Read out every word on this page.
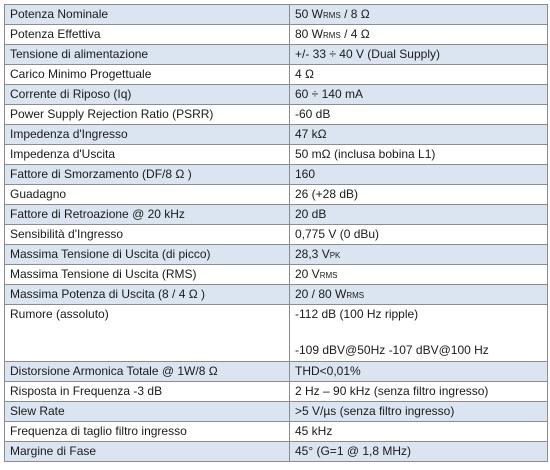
Potenza Nominale	50 WRMS / 8 Ω
Potenza Effettiva	80 WRMS / 4 Ω
Tensione di alimentazione	+/- 33 ÷ 40 V (Dual Supply)
Carico Minimo Progettuale	4 Ω
Corrente di Riposo (Iq)	60 ÷ 140 mA
Power Supply Rejection Ratio (PSRR)	-60 dB
Impedenza d'Ingresso	47 kΩ
Impedenza d'Uscita	50 mΩ (inclusa bobina L1)
Fattore di Smorzamento (DF/8 Ω )	160
Guadagno	26 (+28 dB)
Fattore di Retroazione @ 20 kHz	20 dB
Sensibilità d'Ingresso	0,775 V (0 dBu)
Massima Tensione di Uscita (di picco)	28,3 VPK
Massima Tensione di Uscita (RMS)	20 VRMS
Massima Potenza di Uscita (8 / 4 Ω )	20 / 80 WRMS
Rumore (assoluto)	-112 dB (100 Hz ripple)
-109 dBV@50Hz -107 dBV@100 Hz

Distorsione Armonica Totale @ 1W/8 Ω	THD<0,01%
Risposta in Frequenza -3 dB	2 Hz – 90 kHz (senza filtro ingresso)
Slew Rate	>5 V/µs (senza filtro ingresso)
Frequenza di taglio filtro ingresso	45 kHz
Margine di Fase	45° (G=1 @ 1,8 MHz)
